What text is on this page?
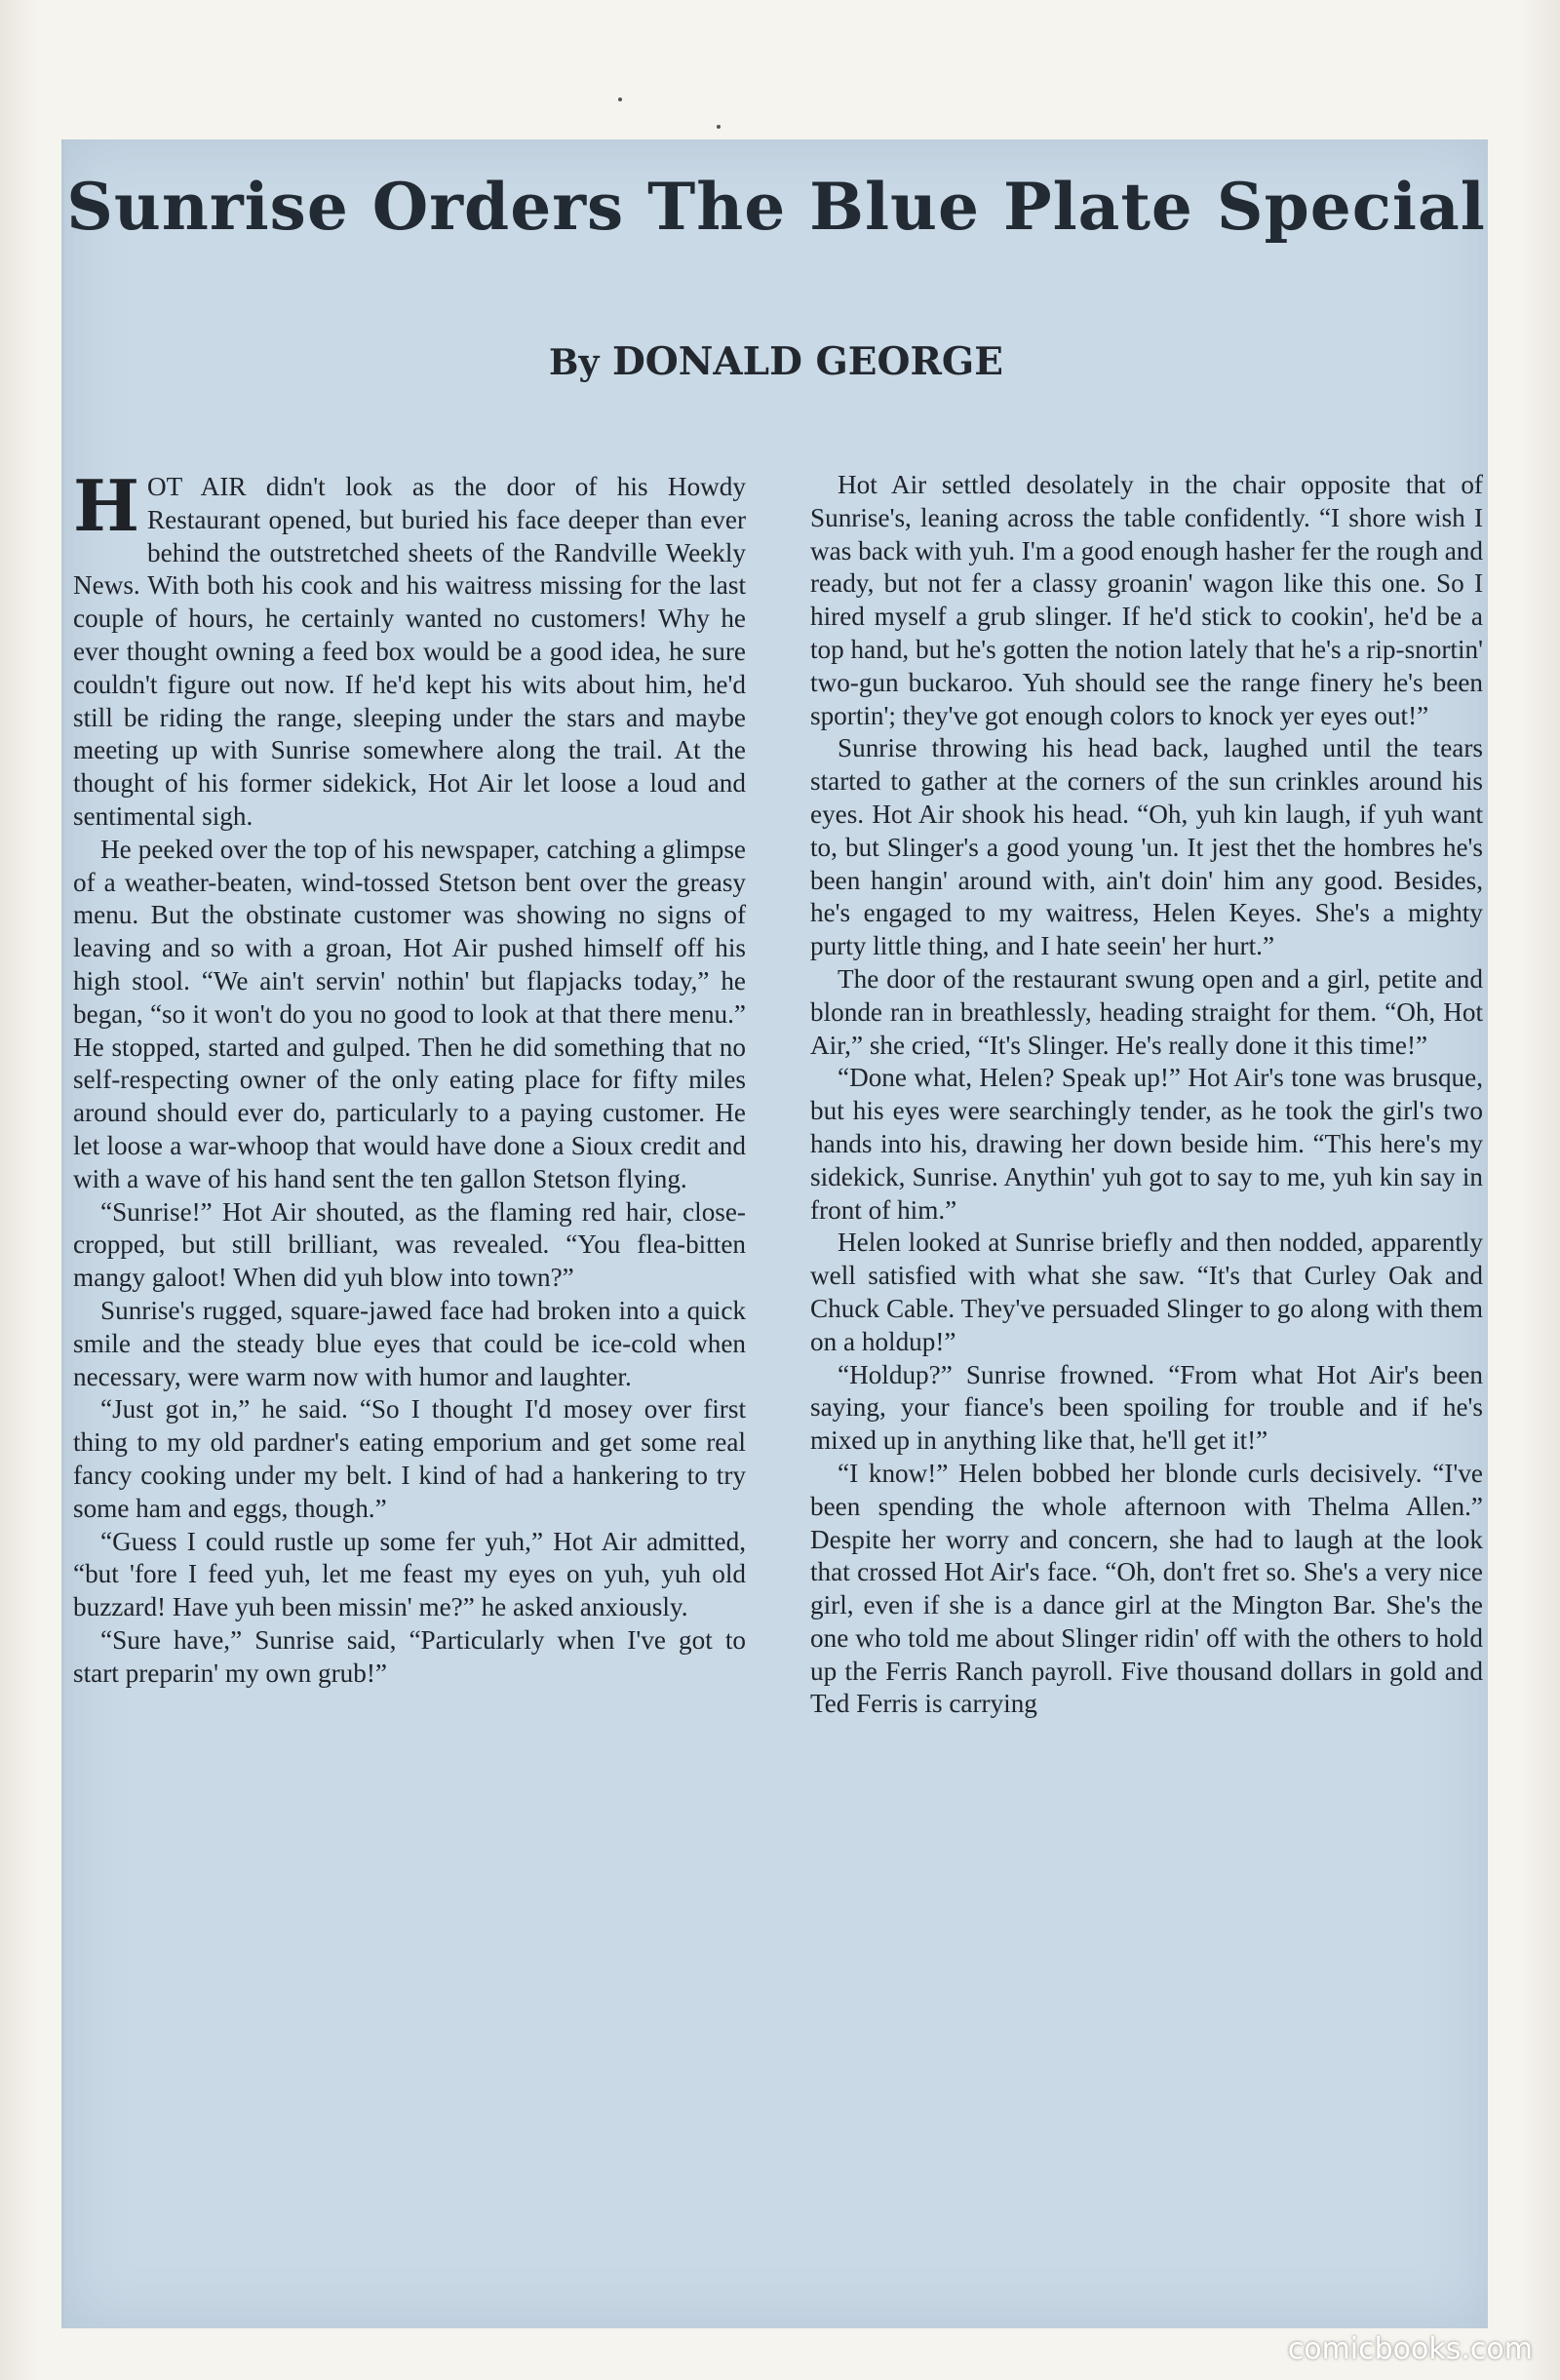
Sunrise Orders The Blue Plate Special
By DONALD GEORGE

HOT AIR didn't look as the door of his Howdy Restaurant opened, but buried his face deeper than ever behind the outstretched sheets of the Randville Weekly News. With both his cook and his waitress missing for the last couple of hours, he certainly wanted no customers! Why he ever thought owning a feed box would be a good idea, he sure couldn't figure out now. If he'd kept his wits about him, he'd still be riding the range, sleeping under the stars and maybe meeting up with Sunrise somewhere along the trail. At the thought of his former sidekick, Hot Air let loose a loud and sentimental sigh.

He peeked over the top of his newspaper, catching a glimpse of a weather-beaten, wind-tossed Stetson bent over the greasy menu. But the obstinate customer was showing no signs of leaving and so with a groan, Hot Air pushed himself off his high stool. “We ain't servin' nothin' but flapjacks today,” he began, “so it won't do you no good to look at that there menu.” He stopped, started and gulped. Then he did something that no self-respecting owner of the only eating place for fifty miles around should ever do, particularly to a paying customer. He let loose a war-whoop that would have done a Sioux credit and with a wave of his hand sent the ten gallon Stetson flying.

“Sunrise!” Hot Air shouted, as the flaming red hair, close-cropped, but still brilliant, was revealed. “You flea-bitten mangy galoot! When did yuh blow into town?”

Sunrise's rugged, square-jawed face had broken into a quick smile and the steady blue eyes that could be ice-cold when necessary, were warm now with humor and laughter.

“Just got in,” he said. “So I thought I'd mosey over first thing to my old pardner's eating emporium and get some real fancy cooking under my belt. I kind of had a hankering to try some ham and eggs, though.”

“Guess I could rustle up some fer yuh,” Hot Air admitted, “but 'fore I feed yuh, let me feast my eyes on yuh, yuh old buzzard! Have yuh been missin' me?” he asked anxiously.

“Sure have,” Sunrise said, “Particularly when I've got to start preparin' my own grub!”

Hot Air settled desolately in the chair opposite that of Sunrise's, leaning across the table confidently. “I shore wish I was back with yuh. I'm a good enough hasher fer the rough and ready, but not fer a classy groanin' wagon like this one. So I hired myself a grub slinger. If he'd stick to cookin', he'd be a top hand, but he's gotten the notion lately that he's a rip-snortin' two-gun buckaroo. Yuh should see the range finery he's been sportin'; they've got enough colors to knock yer eyes out!”

Sunrise throwing his head back, laughed until the tears started to gather at the corners of the sun crinkles around his eyes. Hot Air shook his head. “Oh, yuh kin laugh, if yuh want to, but Slinger's a good young 'un. It jest thet the hombres he's been hangin' around with, ain't doin' him any good. Besides, he's engaged to my waitress, Helen Keyes. She's a mighty purty little thing, and I hate seein' her hurt.”

The door of the restaurant swung open and a girl, petite and blonde ran in breathlessly, heading straight for them. “Oh, Hot Air,” she cried, “It's Slinger. He's really done it this time!”

“Done what, Helen? Speak up!” Hot Air's tone was brusque, but his eyes were searchingly tender, as he took the girl's two hands into his, drawing her down beside him. “This here's my sidekick, Sunrise. Anythin' yuh got to say to me, yuh kin say in front of him.”

Helen looked at Sunrise briefly and then nodded, apparently well satisfied with what she saw. “It's that Curley Oak and Chuck Cable. They've persuaded Slinger to go along with them on a holdup!”

“Holdup?” Sunrise frowned. “From what Hot Air's been saying, your fiance's been spoiling for trouble and if he's mixed up in anything like that, he'll get it!”

“I know!” Helen bobbed her blonde curls decisively. “I've been spending the whole afternoon with Thelma Allen.” Despite her worry and concern, she had to laugh at the look that crossed Hot Air's face. “Oh, don't fret so. She's a very nice girl, even if she is a dance girl at the Mington Bar. She's the one who told me about Slinger ridin' off with the others to hold up the Ferris Ranch payroll. Five thousand dollars in gold and Ted Ferris is carrying

comicbooks.com
